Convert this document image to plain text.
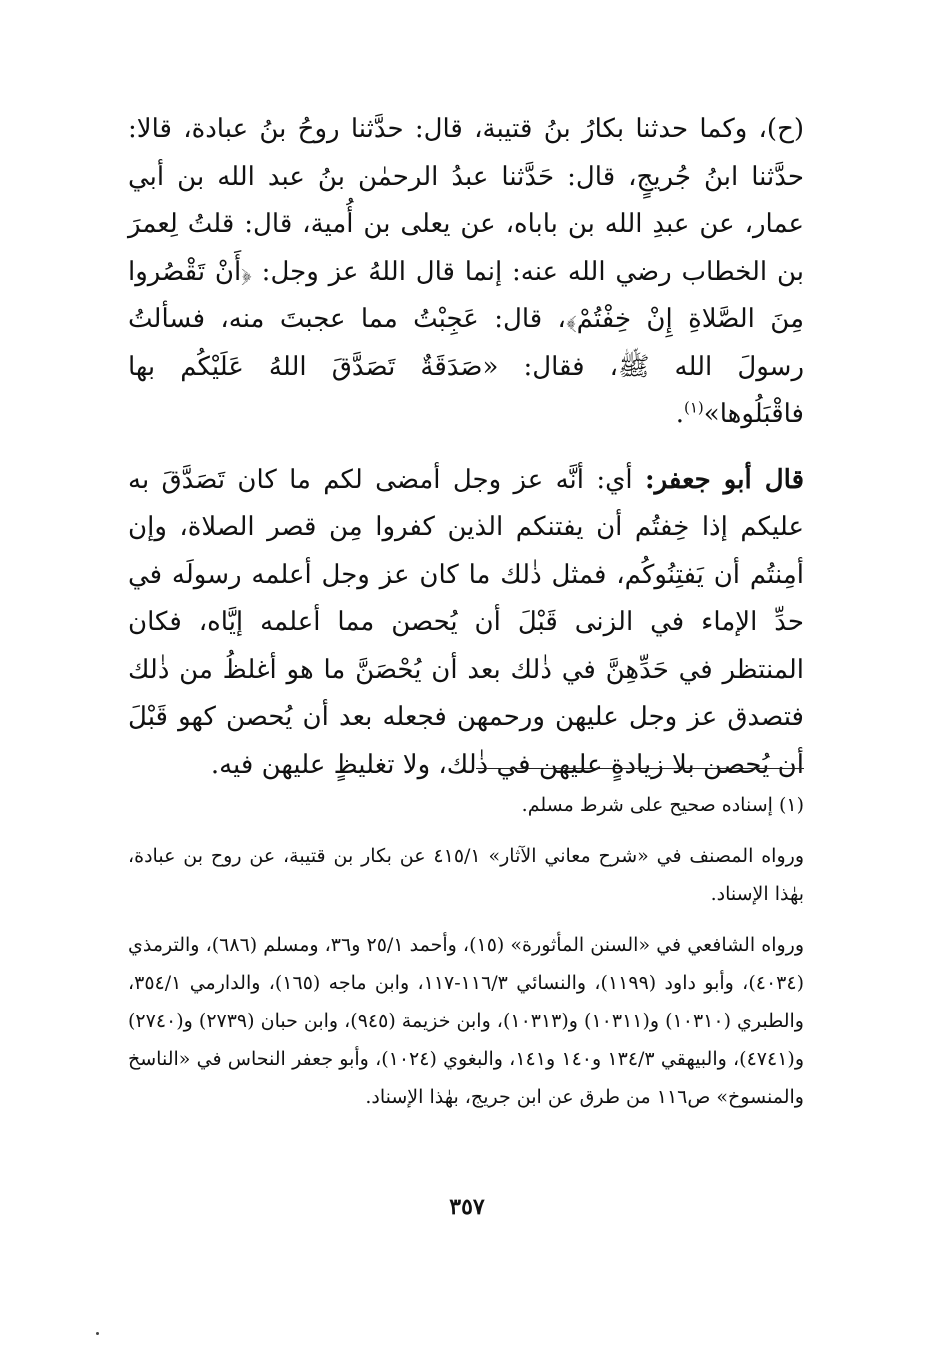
(ح)، وكما حدثنا بكارُ بنُ قتيبة، قال: حدَّثنا روحُ بنُ عبادة، قالا: حدَّثنا ابنُ جُريجٍ، قال: حَدَّثنا عبدُ الرحمٰن بنُ عبد الله بن أبي عمار، عن عبدِ الله بن باباه، عن يعلى بن أُمية، قال: قلتُ لِعمرَ بن الخطاب رضي الله عنه: إنما قال اللهُ عز وجل: ﴿أَنْ تَقْصُروا مِنَ الصَّلاةِ إِنْ خِفْتُمْ﴾، قال: عَجِبْتُ مما عجبتَ منه، فسألتُ رسولَ الله ﷺ، فقال: «صَدَقَةٌ تَصَدَّقَ اللهُ عَلَيْكُم بها فاقْبَلُوها»$^{(١)}$.

قال أبو جعفر: أي: أنَّه عز وجل أمضى لكم ما كان تَصَدَّقَ به عليكم إذا خِفتُم أن يفتنكم الذين كفروا مِن قصر الصلاة، وإن أمِنتُم أن يَفتِنُوكُم، فمثل ذٰلك ما كان عز وجل أعلمه رسولَه في حدِّ الإماء في الزنى قَبْلَ أن يُحصن مما أعلمه إيَّاه، فكان المنتظر في حَدِّهِنَّ في ذٰلك بعد أن يُحْصَنَّ ما هو أغلظُ من ذٰلك فتصدق عز وجل عليهن ورحمهن فجعله بعد أن يُحصن كهو قَبْلَ أن يُحصن بلا زيادةٍ عليهن في ذٰلك، ولا تغليظٍ عليهن فيه.

(١) إسناده صحيح على شرط مسلم.

ورواه المصنف في «شرح معاني الآثار» ٤١٥/١ عن بكار بن قتيبة، عن روح بن عبادة، بهٰذا الإسناد.

ورواه الشافعي في «السنن المأثورة» (١٥)، وأحمد ٢٥/١ و٣٦، ومسلم (٦٨٦)، والترمذي (٤٠٣٤)، وأبو داود (١١٩٩)، والنسائي ١١٦/٣-١١٧، وابن ماجه (١٦٥)، والدارمي ٣٥٤/١، والطبري (١٠٣١٠) و(١٠٣١١) و(١٠٣١٣)، وابن خزيمة (٩٤٥)، وابن حبان (٢٧٣٩) و(٢٧٤٠) و(٤٧٤١)، والبيهقي ١٣٤/٣ و١٤٠ و١٤١، والبغوي (١٠٢٤)، وأبو جعفر النحاس في «الناسخ والمنسوخ» ص١١٦ من طرق عن ابن جريج، بهٰذا الإسناد.

٣٥٧
